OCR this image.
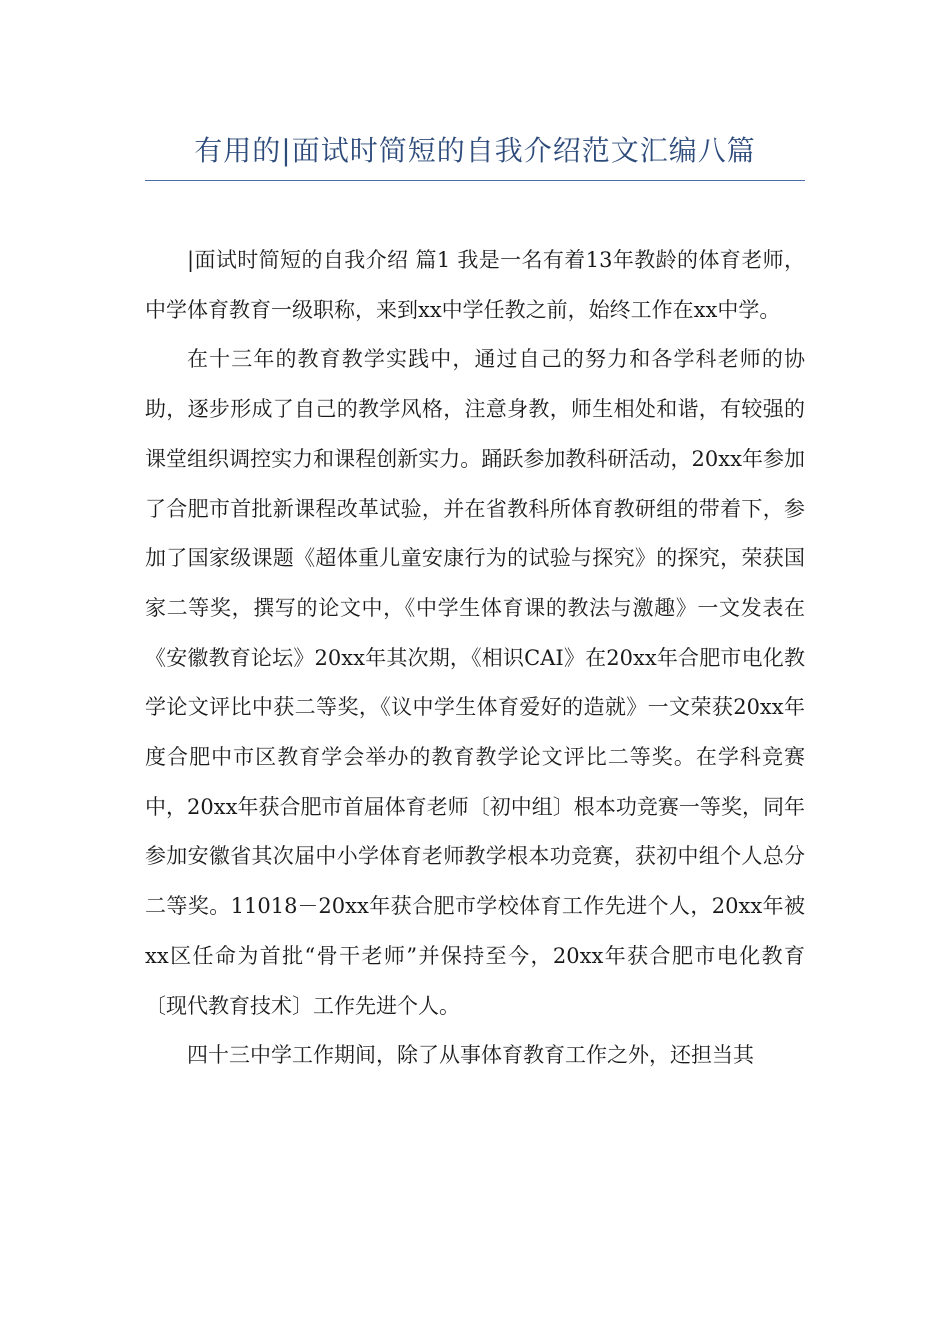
有用的|面试时简短的自我介绍范文汇编八篇

|面试时简短的自我介绍 篇1 我是一名有着13年教龄的体育老师，中学体育教育一级职称，来到xx中学任教之前，始终工作在xx中学。

在十三年的教育教学实践中，通过自己的努力和各学科老师的协助，逐步形成了自己的教学风格，注意身教，师生相处和谐，有较强的课堂组织调控实力和课程创新实力。踊跃参加教科研活动，20xx年参加了合肥市首批新课程改革试验，并在省教科所体育教研组的带着下，参加了国家级课题《超体重儿童安康行为的试验与探究》的探究，荣获国家二等奖，撰写的论文中，《中学生体育课的教法与激趣》一文发表在《安徽教育论坛》20xx年其次期，《相识CAI》在20xx年合肥市电化教学论文评比中获二等奖，《议中学生体育爱好的造就》一文荣获20xx年度合肥中市区教育学会举办的教育教学论文评比二等奖。在学科竞赛中，20xx年获合肥市首届体育老师〔初中组〕根本功竞赛一等奖，同年参加安徽省其次届中小学体育老师教学根本功竞赛，获初中组个人总分二等奖。11018－20xx年获合肥市学校体育工作先进个人，20xx年被xx区任命为首批“骨干老师”并保持至今，20xx年获合肥市电化教育〔现代教育技术〕工作先进个人。

四十三中学工作期间，除了从事体育教育工作之外，还担当其
